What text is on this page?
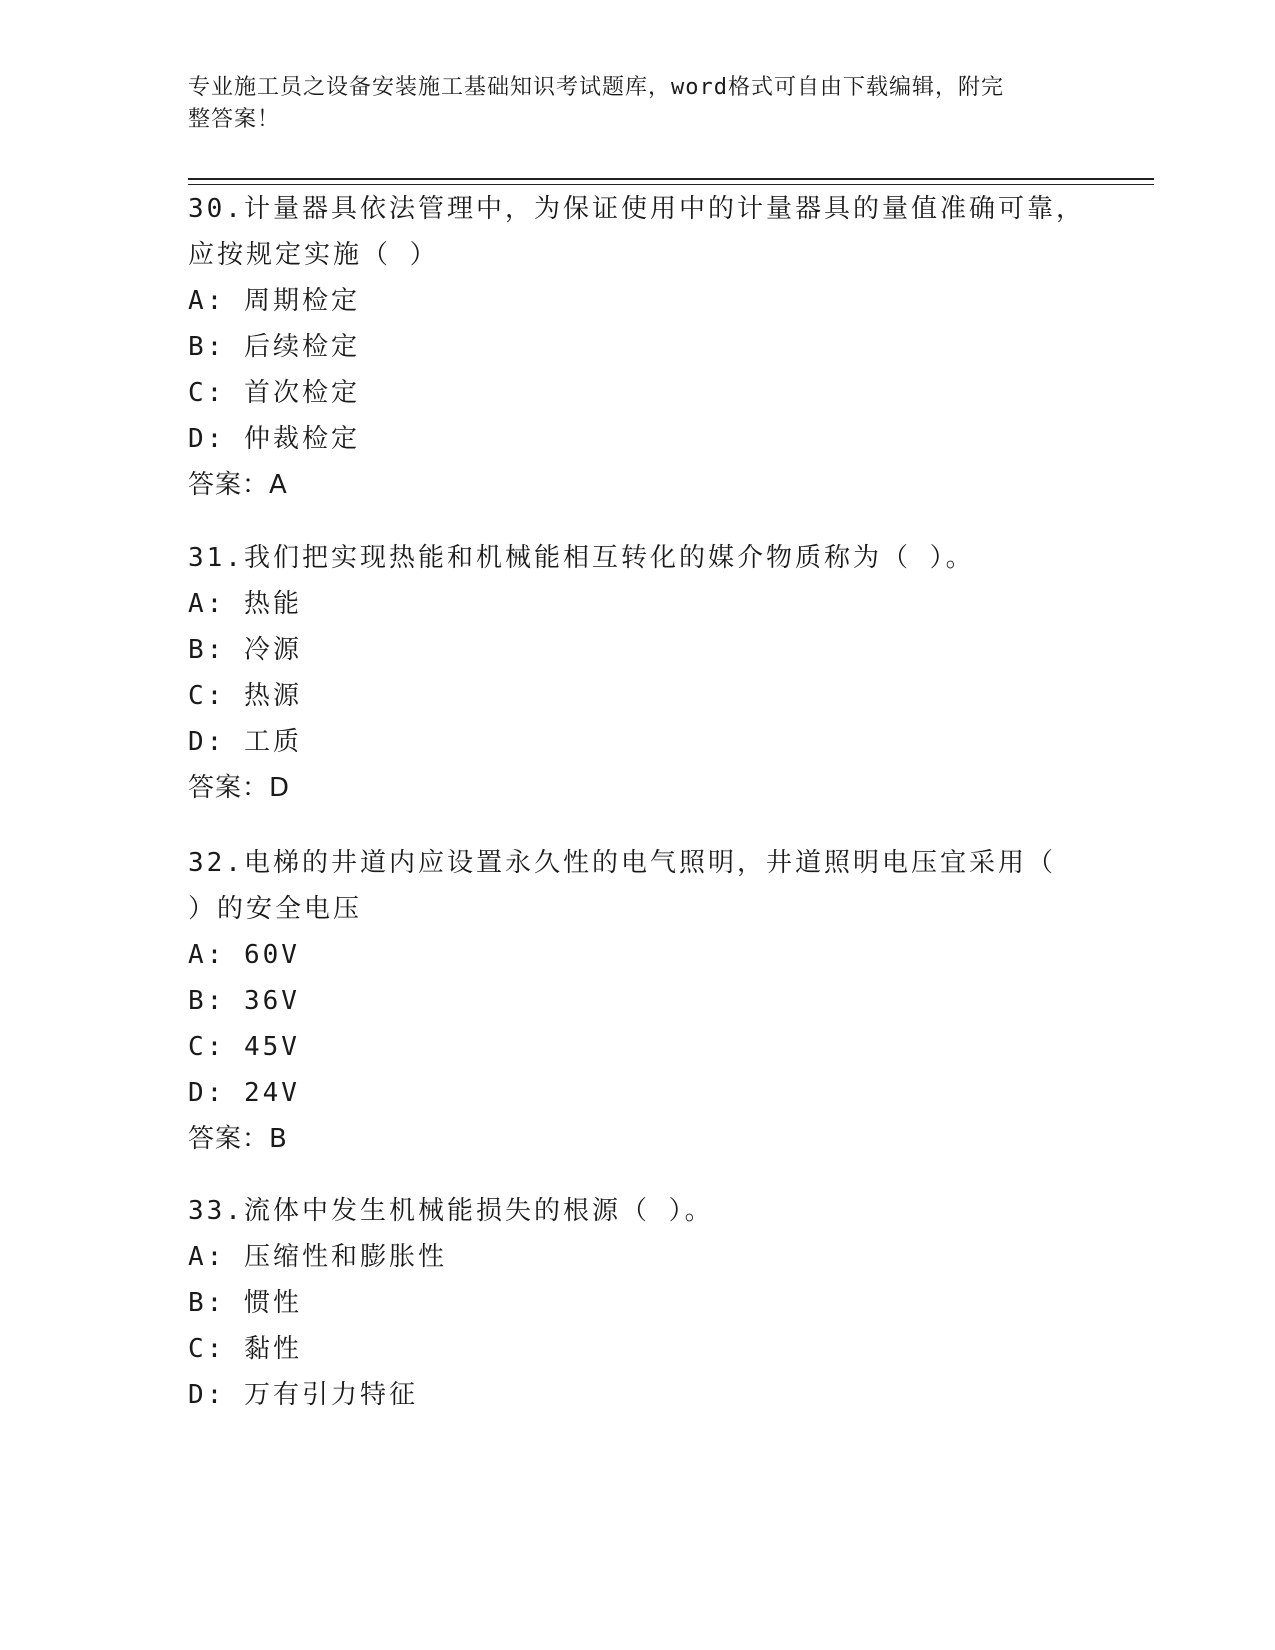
专业施工员之设备安装施工基础知识考试题库，word格式可自由下载编辑，附完
整答案！

30.计量器具依法管理中，为保证使用中的计量器具的量值准确可靠，

应按规定实施（ ）

A: 周期检定

B: 后续检定

C: 首次检定

D: 仲裁检定

答案：A

31.我们把实现热能和机械能相互转化的媒介物质称为（ ）。

A: 热能

B: 冷源

C: 热源

D: 工质

答案：D

32.电梯的井道内应设置永久性的电气照明，井道照明电压宜采用（

）的安全电压

A: 60V

B: 36V

C: 45V

D: 24V

答案：B

33.流体中发生机械能损失的根源（ ）。

A: 压缩性和膨胀性

B: 惯性

C: 黏性

D: 万有引力特征
